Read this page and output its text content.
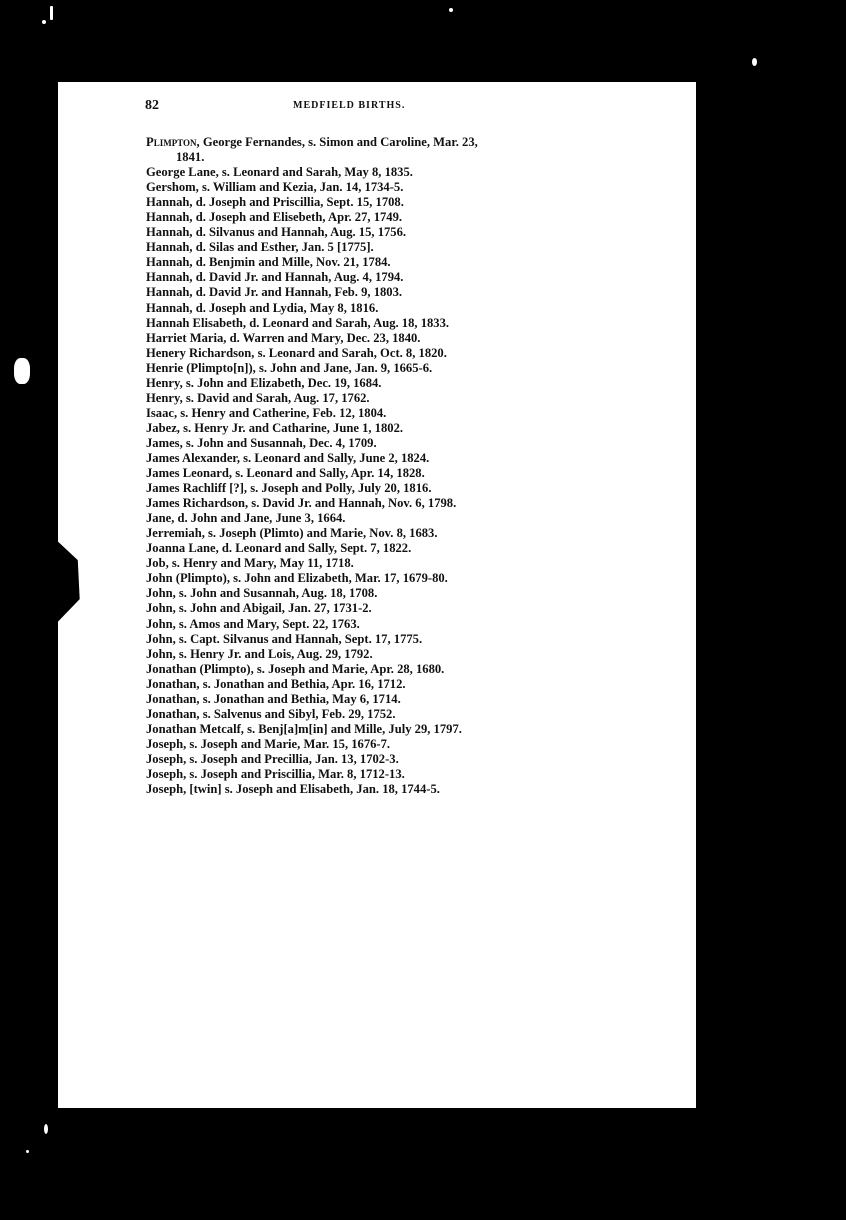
82	MEDFIELD BIRTHS.
Plimpton, George Fernandes, s. Simon and Caroline, Mar. 23,
1841.
George Lane, s. Leonard and Sarah, May 8, 1835.
Gershom, s. William and Kezia, Jan. 14, 1734-5.
Hannah, d. Joseph and Priscillia, Sept. 15, 1708.
Hannah, d. Joseph and Elisebeth, Apr. 27, 1749.
Hannah, d. Silvanus and Hannah, Aug. 15, 1756.
Hannah, d. Silas and Esther, Jan. 5 [1775].
Hannah, d. Benjmin and Mille, Nov. 21, 1784.
Hannah, d. David Jr. and Hannah, Aug. 4, 1794.
Hannah, d. David Jr. and Hannah, Feb. 9, 1803.
Hannah, d. Joseph and Lydia, May 8, 1816.
Hannah Elisabeth, d. Leonard and Sarah, Aug. 18, 1833.
Harriet Maria, d. Warren and Mary, Dec. 23, 1840.
Henery Richardson, s. Leonard and Sarah, Oct. 8, 1820.
Henrie (Plimpto[n]), s. John and Jane, Jan. 9, 1665-6.
Henry, s. John and Elizabeth, Dec. 19, 1684.
Henry, s. David and Sarah, Aug. 17, 1762.
Isaac, s. Henry and Catherine, Feb. 12, 1804.
Jabez, s. Henry Jr. and Catharine, June 1, 1802.
James, s. John and Susannah, Dec. 4, 1709.
James Alexander, s. Leonard and Sally, June 2, 1824.
James Leonard, s. Leonard and Sally, Apr. 14, 1828.
James Rachliff [?], s. Joseph and Polly, July 20, 1816.
James Richardson, s. David Jr. and Hannah, Nov. 6, 1798.
Jane, d. John and Jane, June 3, 1664.
Jerremiah, s. Joseph (Plimto) and Marie, Nov. 8, 1683.
Joanna Lane, d. Leonard and Sally, Sept. 7, 1822.
Job, s. Henry and Mary, May 11, 1718.
John (Plimpto), s. John and Elizabeth, Mar. 17, 1679-80.
John, s. John and Susannah, Aug. 18, 1708.
John, s. John and Abigail, Jan. 27, 1731-2.
John, s. Amos and Mary, Sept. 22, 1763.
John, s. Capt. Silvanus and Hannah, Sept. 17, 1775.
John, s. Henry Jr. and Lois, Aug. 29, 1792.
Jonathan (Plimpto), s. Joseph and Marie, Apr. 28, 1680.
Jonathan, s. Jonathan and Bethia, Apr. 16, 1712.
Jonathan, s. Jonathan and Bethia, May 6, 1714.
Jonathan, s. Salvenus and Sibyl, Feb. 29, 1752.
Jonathan Metcalf, s. Benj[a]m[in] and Mille, July 29, 1797.
Joseph, s. Joseph and Marie, Mar. 15, 1676-7.
Joseph, s. Joseph and Precillia, Jan. 13, 1702-3.
Joseph, s. Joseph and Priscillia, Mar. 8, 1712-13.
Joseph, [twin] s. Joseph and Elisabeth, Jan. 18, 1744-5.
